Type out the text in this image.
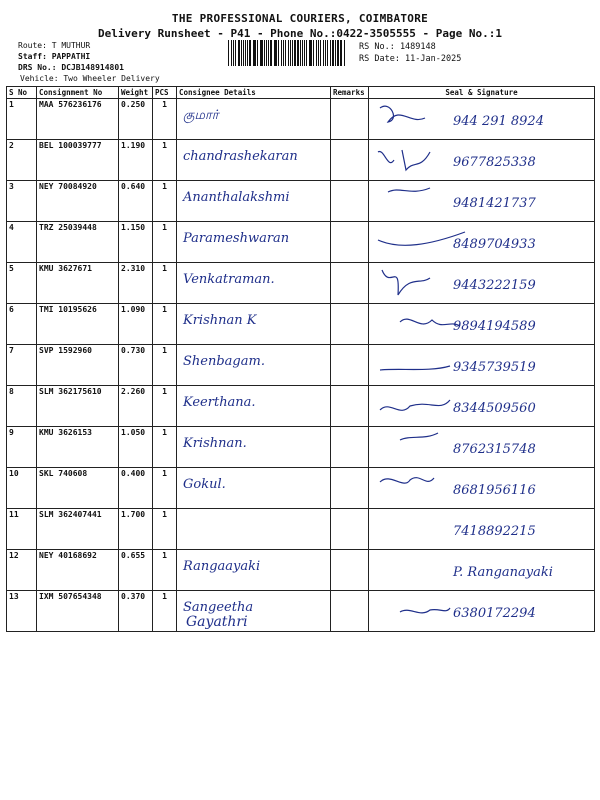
THE PROFESSIONAL COURIERS, COIMBATORE
Delivery Runsheet - P41 - Phone No.:0422-3505555 - Page No.:1
Route: T MUTHUR
Staff: PAPPATHI
DRS No.: DCJB148914801
Vehicle: Two Wheeler Delivery
RS No.: 1489148
RS Date: 11-Jan-2025
S No	Consignment No	Weight	PCS	Consignee Details	Remarks	Seal & Signature
1	MAA 576236176	0.250	1	குமார்		944 291 8924

2	BEL 100039777	1.190	1	chandrashekaran		9677825338

3	NEY 70084920	0.640	1	Ananthalakshmi		9481421737

4	TRZ 25039448	1.150	1	Parameshwaran		8489704933

5	KMU 3627671	2.310	1	Venkatraman.		9443222159

6	TMI 10195626	1.090	1	Krishnan K		9894194589

7	SVP 1592960	0.730	1	Shenbagam.		9345739519

8	SLM 362175610	2.260	1	Keerthana.		8344509560

9	KMU 3626153	1.050	1	Krishnan.		8762315748

10	SKL 740608	0.400	1	Gokul.		8681956116

11	SLM 362407441	1.700	1			7418892215

12	NEY 40168692	0.655	1	Rangaayaki		P. Ranganayaki

13	IXM 507654348	0.370	1	Sangeetha		6380172294
Gayathri
